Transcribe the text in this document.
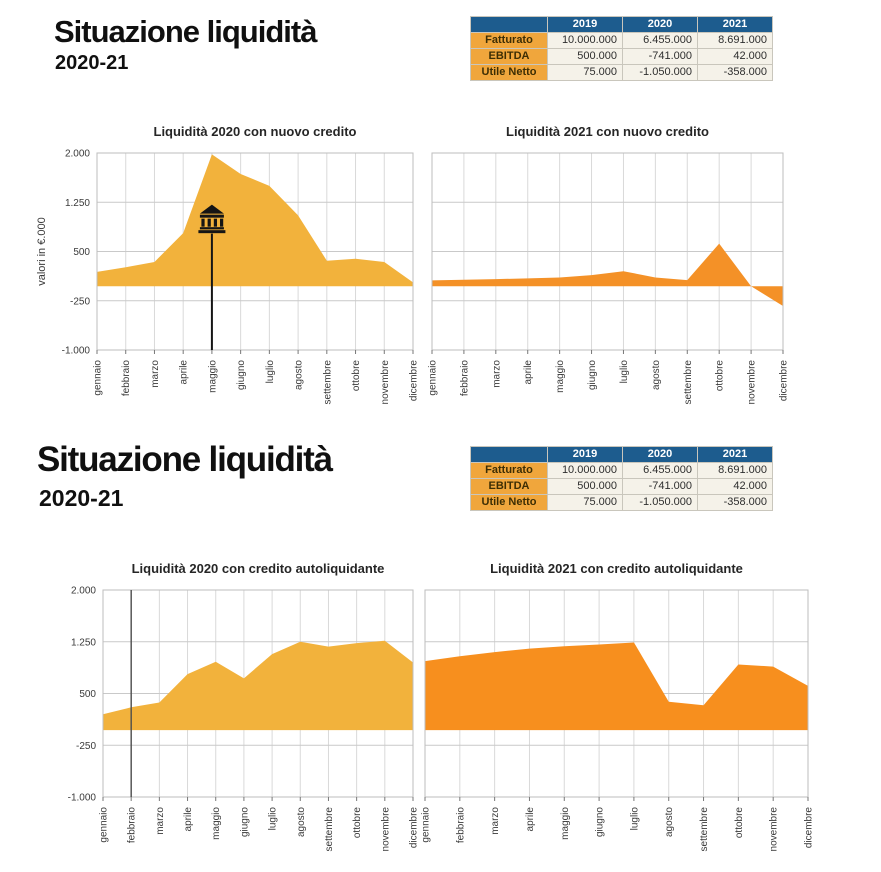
Situazione liquidità
2020-21
	2019	2020	2021
Fatturato	10.000.000	6.455.000	8.691.000
EBITDA	500.000	-741.000	42.000
Utile Netto	75.000	-1.050.000	-358.000
gennaio febbraio marzo aprile maggio giugno luglio agosto settembre ottobre novembre dicembre
2.000
1.250
500
-250
-1.000
Liquidità 2020 con nuovo credito
valori in €.000
gennaio febbraio marzo aprile maggio giugno luglio agosto settembre ottobre novembre dicembre
Liquidità 2021 con nuovo credito
Situazione liquidità
2020-21
	2019	2020	2021
Fatturato	10.000.000	6.455.000	8.691.000
EBITDA	500.000	-741.000	42.000
Utile Netto	75.000	-1.050.000	-358.000
gennaio febbraio marzo aprile maggio giugno luglio agosto settembre ottobre novembre dicembre
2.000
1.250
500
-250
-1.000
Liquidità 2020 con credito autoliquidante
gennaio febbraio marzo aprile maggio giugno luglio agosto settembre ottobre novembre dicembre
Liquidità 2021 con credito autoliquidante
